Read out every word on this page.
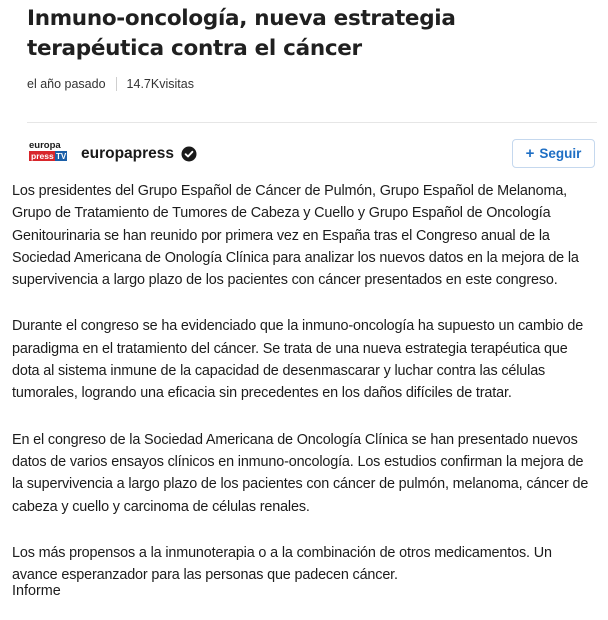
Inmuno-oncología, nueva estrategia terapéutica contra el cáncer
el año pasado 14.7Kvisitas
europa
press TV europapress	+ Seguir

Los presidentes del Grupo Español de Cáncer de Pulmón, Grupo Español de Melanoma, Grupo de Tratamiento de Tumores de Cabeza y Cuello y Grupo Español de Oncología Genitourinaria se han reunido por primera vez en España tras el Congreso anual de la Sociedad Americana de Onología Clínica para analizar los nuevos datos en la mejora de la supervivencia a largo plazo de los pacientes con cáncer presentados en este congreso.

Durante el congreso se ha evidenciado que la inmuno-oncología ha supuesto un cambio de paradigma en el tratamiento del cáncer. Se trata de una nueva estrategia terapéutica que dota al sistema inmune de la capacidad de desenmascarar y luchar contra las células tumorales, logrando una eficacia sin precedentes en los daños difíciles de tratar.

En el congreso de la Sociedad Americana de Oncología Clínica se han presentado nuevos datos de varios ensayos clínicos en inmuno-oncología. Los estudios confirman la mejora de la supervivencia a largo plazo de los pacientes con cáncer de pulmón, melanoma, cáncer de cabeza y cuello y carcinoma de células renales.

Los más propensos a la inmunoterapia o a la combinación de otros medicamentos. Un avance esperanzador para las personas que padecen cáncer.

Informe
